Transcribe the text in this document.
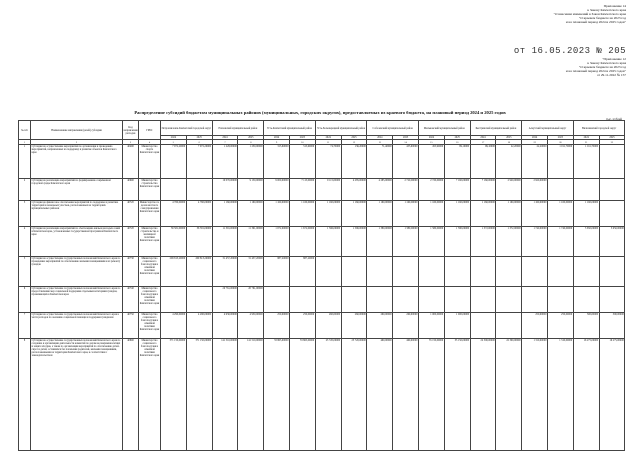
Приложение 14
к Закону Камчатского края
"О внесении изменений в Закон Камчатского края
"О краевом бюджете на 2023 год
и на плановый период 2024 и 2025 годов"
от 16.05.2023 № 205
"Приложение 12
к Закону Камчатского края
"О краевом бюджете на 2023 год
и на плановый период 2024 и 2025 годов"
от 29.11.2022 № 157
Распределение субсидий бюджетам муниципальных районов (муниципальных, городских округов), предоставляемых из краевого бюджета, на плановый период 2024 и 2025 годов
тыс. рублей
№ п/п	Наименование направления (целей) субсидии	Код направления расходов	ГРБС	Петропавловск-Камчатский городской округ		Елизовский муниципальный район		Усть-Камчатский муниципальный район		Усть-Большерецкий муниципальный район		Соболевский муниципальный район		Мильковский муниципальный район		Быстринский муниципальный район		Алеутский муниципальный округ		Вилючинский городской округ	
				2024	2025	2024	2025	2024	2025	2024	2025	2024	2025	2024	2025	2024	2025	2024	2025	2024	2025
1	2	3	4	5	6	7	8	9	10	11	12	13	14	15	16	17	18	19	20	21	22
1	Субсидии на осуществление мероприятий по организации и проведению мероприятий, направленных на поддержку и развитие объектов Камчатского края	40490	Министерство спорта Камчатского края	7 972,20000	7 972,20000	1 228,00000	1 230,00000	315,60000	315,60000	74,70000	136,20000	71,40000	455,90000	455,90000	99,10000	99,10000	22,20000	22,20000	1 011,70000	1 011,70000	
2	Субсидии на реализацию мероприятий по формированию современной городской среды Камчатского края	40690	Министерство строительства Камчатского края			10 070,00000	9 150,00000	9 000,00000	7 115,00000	9 115,00000	4 285,00000	4 285,00000	2 720,00000	2 720,00000	7 160,00000	7 160,00000	2 920,00000	2 920,00000			
3	Субсидии на финансовое обеспечение мероприятий по поддержке и развитию территорий и земельных участков, расположенных на территориях муниципальных районов	40720	Министерство по делам местного самоуправления Камчатского края	4 760,00000	4 760,00000	1 160,00000	1 160,00000	1 160,00000	1 160,00000	1 160,00000	1 160,00000	1 160,00000	1 160,00000	1 160,00000	1 160,00000	1 160,00000	1 160,00000	1 160,00000	1 160,00000	1 160,00000	
4	Субсидии на реализацию мероприятий по обеспечению жильем молодых семей в Камчатском крае, установленных государственной программой Камчатского края	40720	Министерство строительства и жилищной политики Камчатского края	36 581,00000	36 581,00000	11 391,00000	11 391,00000	1 672,00000	1 672,00000	1 596,00000	1 596,00000	1 380,00000	1 380,00000	1 580,00000	1 580,00000	1 372,00000	1 372,00000	1 740,00000	1 740,00000	3 650,00000	3 650,00000
5	Субсидии на осуществление государственных полномочий Камчатского края по проведению мероприятий по обеспечению жилыми помещениями и их ремонту граждан	40730	Министерство социального благополучия и семейной политики Камчатского края	209 813,20000	209 813,20000	31 457,20000	31 457,20000	887,20000	887,20000												
6	Субсидии на осуществление государственных полномочий Камчатского края по предоставлению мер социальной поддержки отдельным категориям граждан, проживающих в Камчатском крае	40740	Министерство социального благополучия и семейной политики Камчатского края			20 761,00000	20 761,00000														
7	Субсидии на осуществление государственных полномочий Камчатского края в части расходов по оказанию социальной помощи и поддержки гражданам	40750	Министерство социального благополучия и семейной политики Камчатского края	4 290,00000	4 290,00000	4 930,00000	4 930,00000	250,00000	250,00000	260,00000	260,00000	260,00000	260,00000	1 000,00000	1 000,00000			250,00000	250,00000	300,00000	300,00000
8	Субсидии на осуществление государственных полномочий Камчатского края по созданию и организации деятельности комиссий по делам несовершеннолетних и защите их прав, а также по организации мероприятий по обеспечению детей-сирот и детей, оставшихся без попечения родителей, жилыми помещениями, расположенными на территории Камчатского края, в соответствии с законодательством	40890	Министерство социального благополучия и семейной политики Камчатского края	371 150,00000	371 150,00000	141 510,00000	141 510,00000	33 865,00000	33 865,00000	23 720,00000	23 720,00000	460,00000	460,00000	35 150,00000	35 150,00000	22 300,00000	22 300,00000	1 310,00000	1 310,00000	16 275,00000	16 275,00000
